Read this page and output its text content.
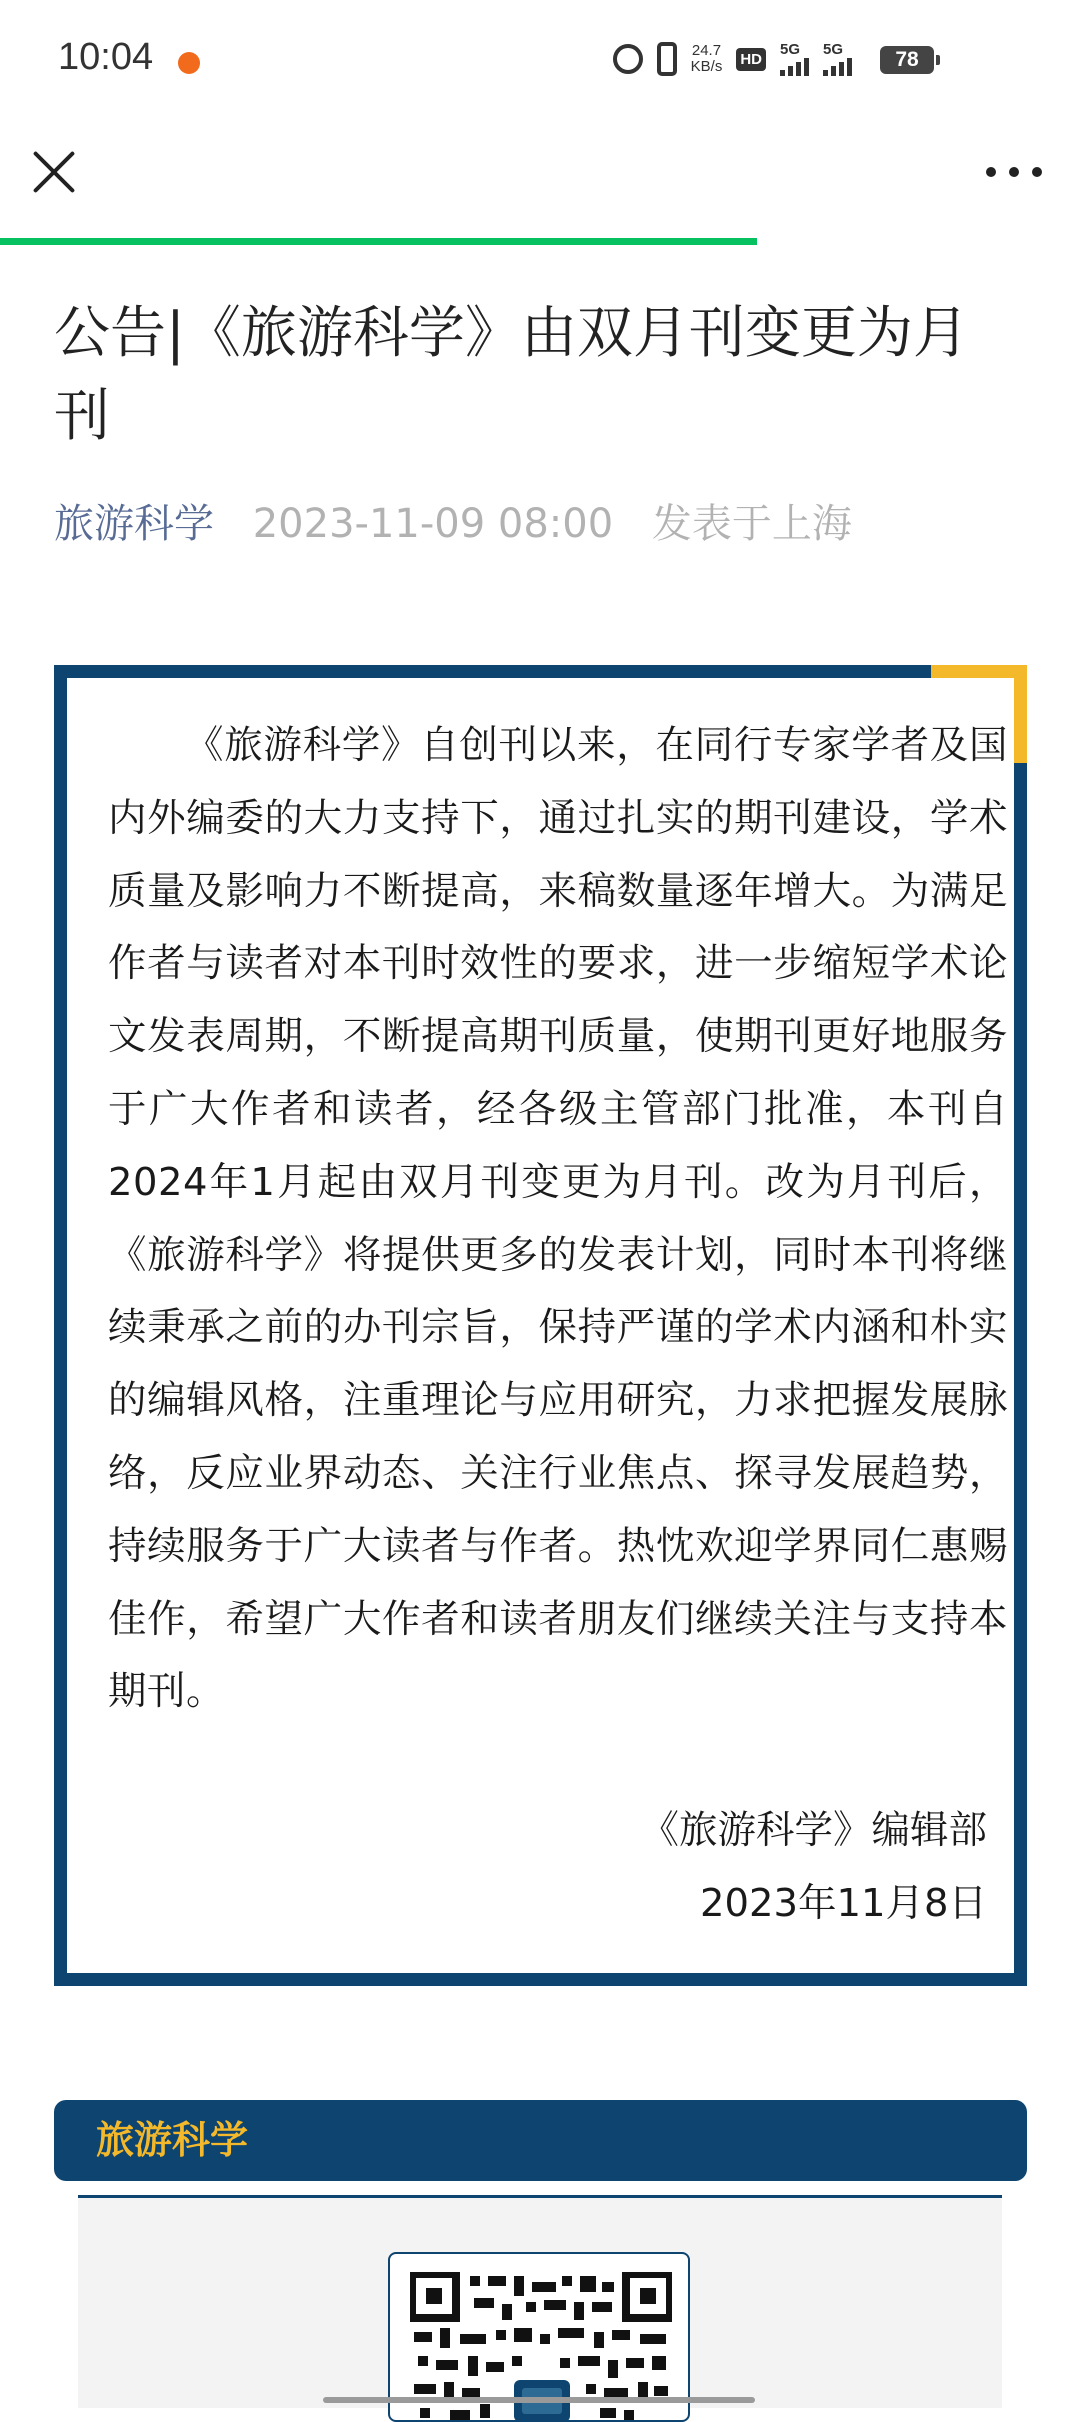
10:04	24.7
KB/s HD
5G 5G	78
公告|《旅游科学》由双月刊变更为月刊
旅游科学 2023-11-09 08:00 发表于上海
《旅游科学》自创刊以来，在同行专家学者及国内外编委的大力支持下，通过扎实的期刊建设，学术质量及影响力不断提高，来稿数量逐年增大。为满足作者与读者对本刊时效性的要求，进一步缩短学术论文发表周期，不断提高期刊质量，使期刊更好地服务于广大作者和读者，经各级主管部门批准，本刊自2024年1月起由双月刊变更为月刊。改为月刊后，《旅游科学》将提供更多的发表计划，同时本刊将继续秉承之前的办刊宗旨，保持严谨的学术内涵和朴实的编辑风格，注重理论与应用研究，力求把握发展脉络，反应业界动态、关注行业焦点、探寻发展趋势，持续服务于广大读者与作者。热忱欢迎学界同仁惠赐佳作，希望广大作者和读者朋友们继续关注与支持本期刊。
《旅游科学》编辑部
2023年11月8日
旅游科学
